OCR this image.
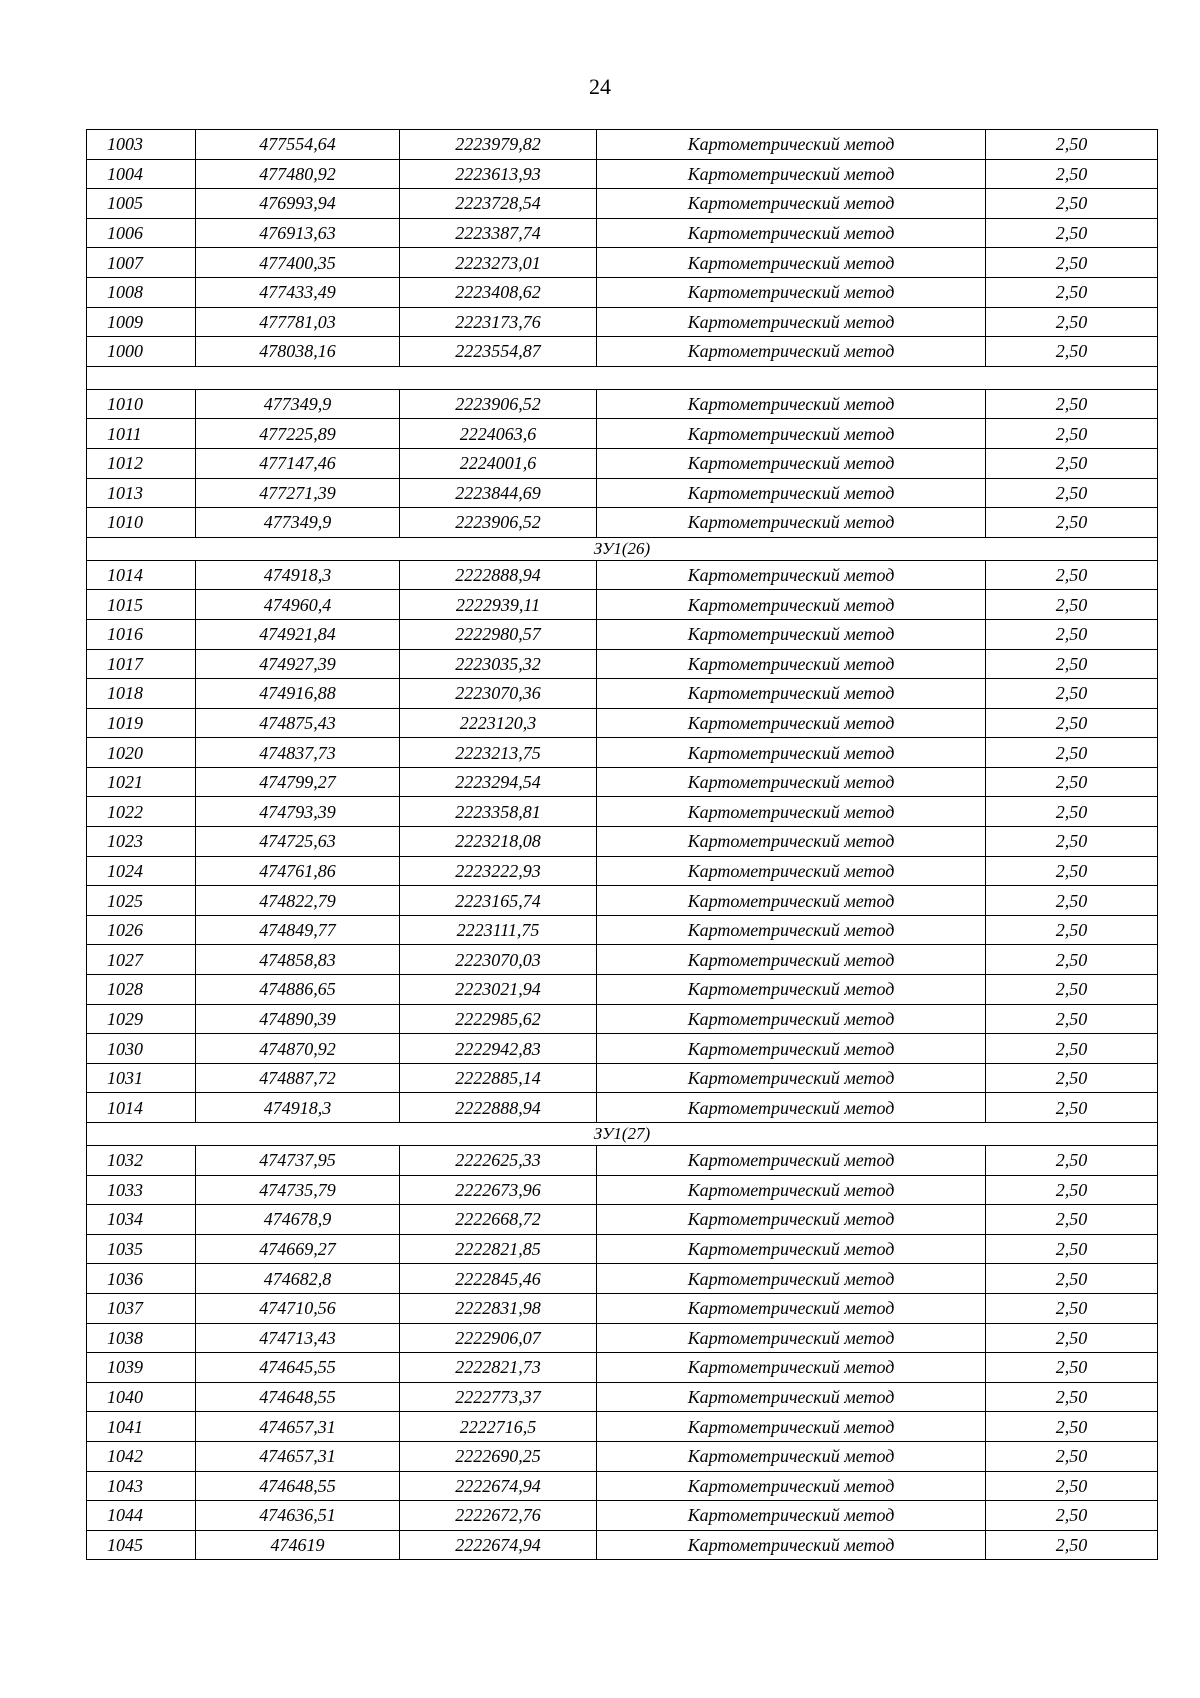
24
1003	477554,64	2223979,82	Картометрический метод	2,50
1004	477480,92	2223613,93	Картометрический метод	2,50
1005	476993,94	2223728,54	Картометрический метод	2,50
1006	476913,63	2223387,74	Картометрический метод	2,50
1007	477400,35	2223273,01	Картометрический метод	2,50
1008	477433,49	2223408,62	Картометрический метод	2,50
1009	477781,03	2223173,76	Картометрический метод	2,50
1000	478038,16	2223554,87	Картометрический метод	2,50

1010	477349,9	2223906,52	Картометрический метод	2,50
1011	477225,89	2224063,6	Картометрический метод	2,50
1012	477147,46	2224001,6	Картометрический метод	2,50
1013	477271,39	2223844,69	Картометрический метод	2,50
1010	477349,9	2223906,52	Картометрический метод	2,50
ЗУ1(26)				
1014	474918,3	2222888,94	Картометрический метод	2,50
1015	474960,4	2222939,11	Картометрический метод	2,50
1016	474921,84	2222980,57	Картометрический метод	2,50
1017	474927,39	2223035,32	Картометрический метод	2,50
1018	474916,88	2223070,36	Картометрический метод	2,50
1019	474875,43	2223120,3	Картометрический метод	2,50
1020	474837,73	2223213,75	Картометрический метод	2,50
1021	474799,27	2223294,54	Картометрический метод	2,50
1022	474793,39	2223358,81	Картометрический метод	2,50
1023	474725,63	2223218,08	Картометрический метод	2,50
1024	474761,86	2223222,93	Картометрический метод	2,50
1025	474822,79	2223165,74	Картометрический метод	2,50
1026	474849,77	2223111,75	Картометрический метод	2,50
1027	474858,83	2223070,03	Картометрический метод	2,50
1028	474886,65	2223021,94	Картометрический метод	2,50
1029	474890,39	2222985,62	Картометрический метод	2,50
1030	474870,92	2222942,83	Картометрический метод	2,50
1031	474887,72	2222885,14	Картометрический метод	2,50
1014	474918,3	2222888,94	Картометрический метод	2,50
ЗУ1(27)				
1032	474737,95	2222625,33	Картометрический метод	2,50
1033	474735,79	2222673,96	Картометрический метод	2,50
1034	474678,9	2222668,72	Картометрический метод	2,50
1035	474669,27	2222821,85	Картометрический метод	2,50
1036	474682,8	2222845,46	Картометрический метод	2,50
1037	474710,56	2222831,98	Картометрический метод	2,50
1038	474713,43	2222906,07	Картометрический метод	2,50
1039	474645,55	2222821,73	Картометрический метод	2,50
1040	474648,55	2222773,37	Картометрический метод	2,50
1041	474657,31	2222716,5	Картометрический метод	2,50
1042	474657,31	2222690,25	Картометрический метод	2,50
1043	474648,55	2222674,94	Картометрический метод	2,50
1044	474636,51	2222672,76	Картометрический метод	2,50
1045	474619	2222674,94	Картометрический метод	2,50
